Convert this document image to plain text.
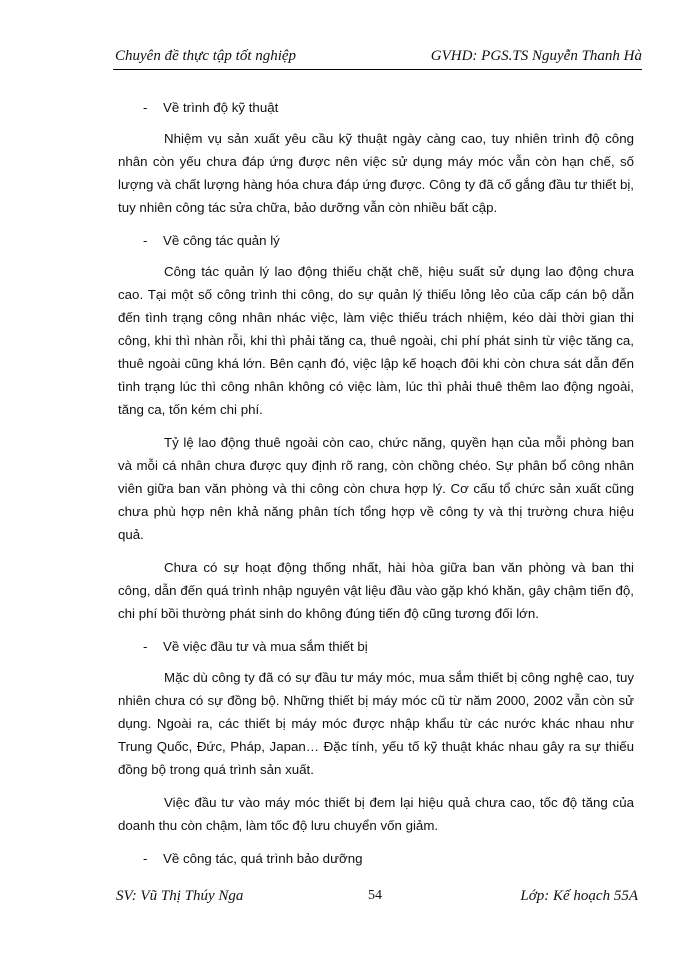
Chuyên đề thực tập tốt nghiệp	GVHD: PGS.TS Nguyễn Thanh Hà
-	Về trình độ kỹ thuật

Nhiệm vụ sản xuất yêu cầu kỹ thuật ngày càng cao, tuy nhiên trình độ công nhân còn yếu chưa đáp ứng được nên việc sử dụng máy móc vẫn còn hạn chế, số lượng và chất lượng hàng hóa chưa đáp ứng được. Công ty đã cố gắng đầu tư thiết bị, tuy nhiên công tác sửa chữa, bảo dưỡng vẫn còn nhiều bất cập.

-	Về công tác quản lý

Công tác quản lý lao động thiếu chặt chẽ, hiệu suất sử dụng lao động chưa cao. Tại một số công trình thi công, do sự quản lý thiếu lỏng lẻo của cấp cán bộ dẫn đến tình trạng công nhân nhác việc, làm việc thiếu trách nhiệm, kéo dài thời gian thi công, khi thì nhàn rỗi, khi thì phải tăng ca, thuê ngoài, chi phí phát sinh từ việc tăng ca, thuê ngoài cũng khá lớn. Bên cạnh đó, việc lập kế hoạch đôi khi còn chưa sát dẫn đến tình trạng lúc thì công nhân không có việc làm, lúc thì phải thuê thêm lao động ngoài, tăng ca, tốn kém chi phí.

Tỷ lệ lao động thuê ngoài còn cao, chức năng, quyền hạn của mỗi phòng ban và mỗi cá nhân chưa được quy định rõ rang, còn chồng chéo. Sự phân bổ công nhân viên giữa ban văn phòng và thi công còn chưa hợp lý. Cơ cấu tổ chức sản xuất cũng chưa phù hợp nên khả năng phân tích tổng hợp về công ty và thị trường chưa hiệu quả.

Chưa có sự hoạt động thống nhất, hài hòa giữa ban văn phòng và ban thi công, dẫn đến quá trình nhập nguyên vật liệu đầu vào gặp khó khăn, gây chậm tiến độ, chi phí bồi thường phát sinh do không đúng tiến độ cũng tương đối lớn.

-	Về việc đầu tư và mua sắm thiết bị

Mặc dù công ty đã có sự đầu tư máy móc, mua sắm thiết bị công nghệ cao, tuy nhiên chưa có sự đồng bộ. Những thiết bị máy móc cũ từ năm 2000, 2002 vẫn còn sử dụng. Ngoài ra, các thiết bị máy móc được nhập khẩu từ các nước khác nhau như Trung Quốc, Đức, Pháp, Japan… Đặc tính, yếu tố kỹ thuật khác nhau gây ra sự thiếu đồng bộ trong quá trình sản xuất.

Việc đầu tư vào máy móc thiết bị đem lại hiệu quả chưa cao, tốc độ tăng của doanh thu còn chậm, làm tốc độ lưu chuyển vốn giảm.

-	Về công tác, quá trình bảo dưỡng
SV: Vũ Thị Thúy Nga	54	Lớp: Kế hoạch 55A
